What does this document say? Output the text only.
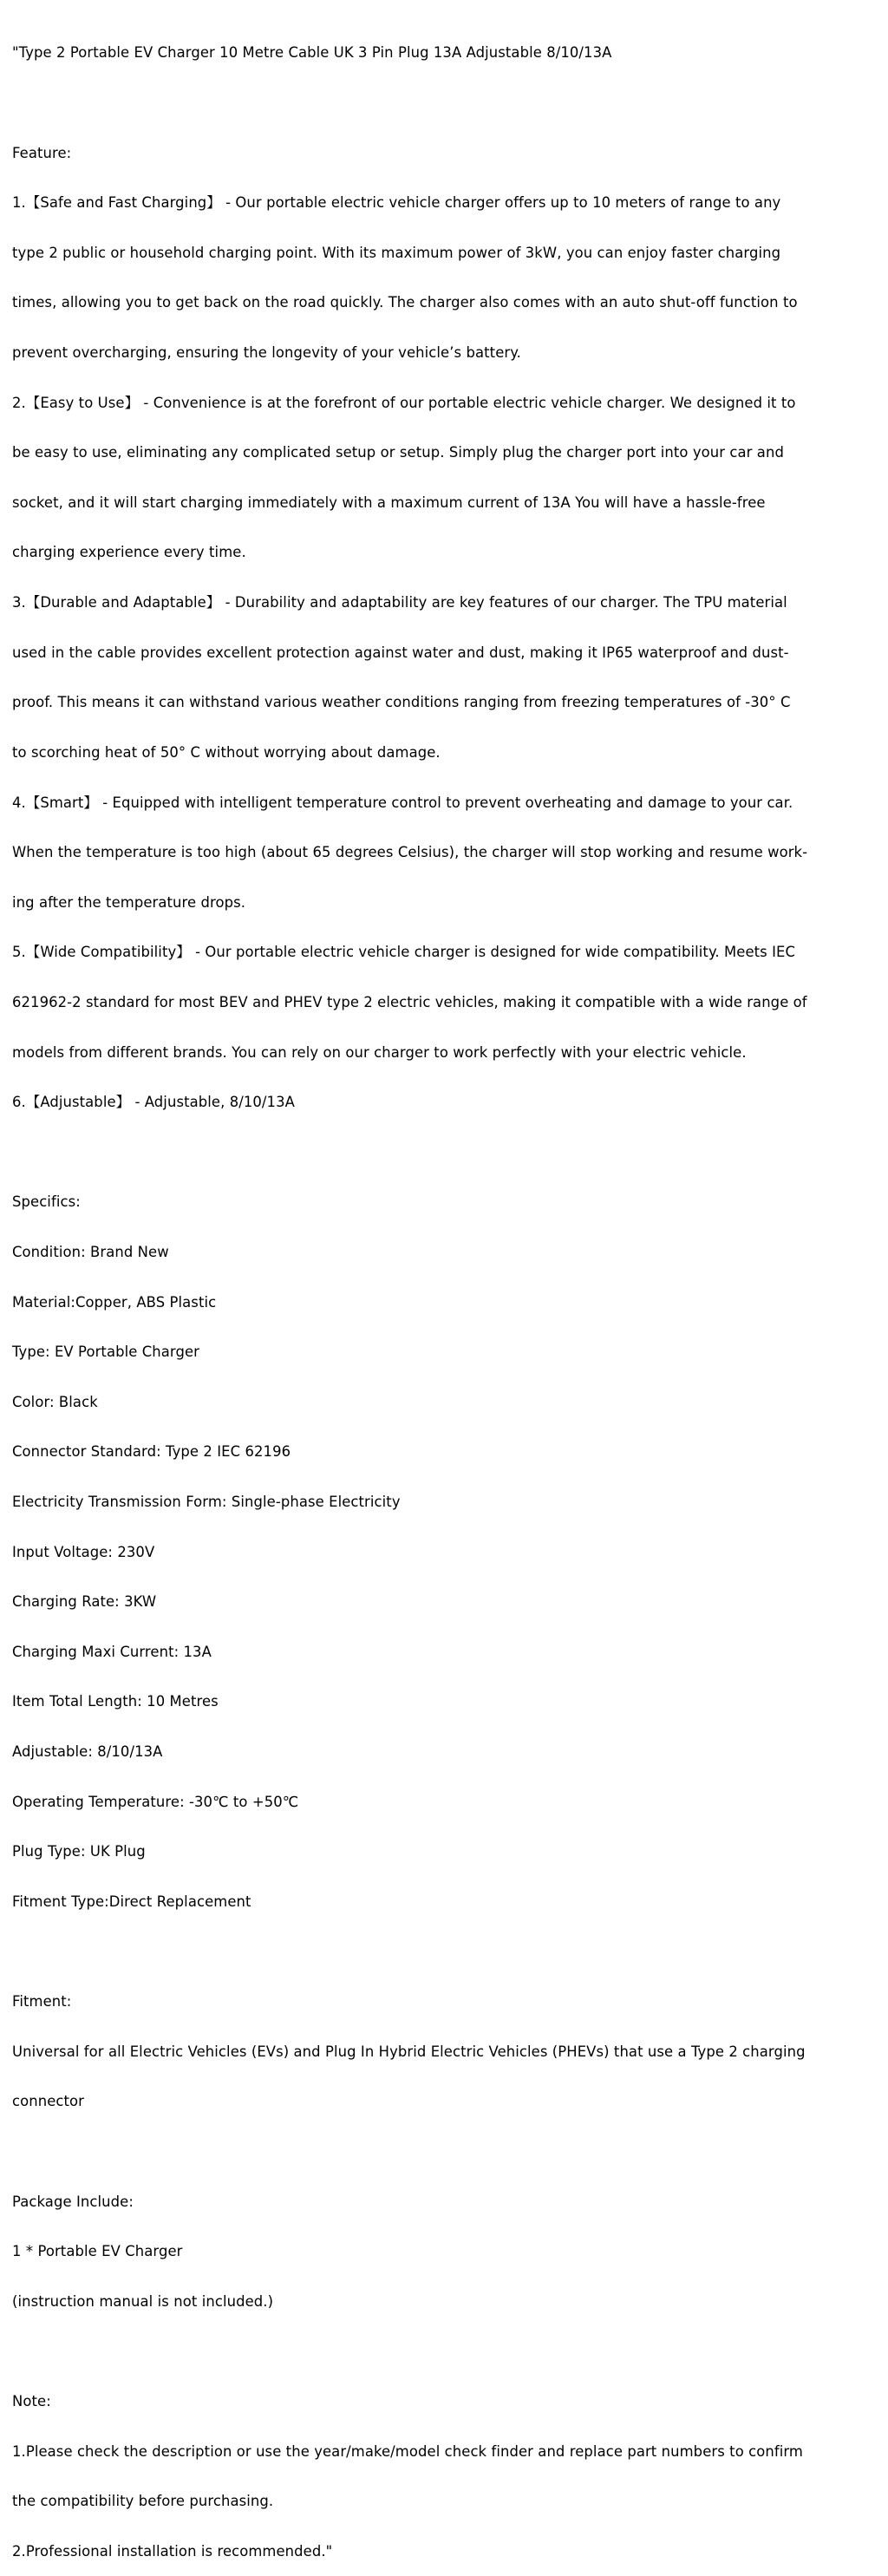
"Type 2 Portable EV Charger 10 Metre Cable UK 3 Pin Plug 13A Adjustable 8/10/13A

Feature:

1.【Safe and Fast Charging】 - Our portable electric vehicle charger offers up to 10 meters of range to any

type 2 public or household charging point. With its maximum power of 3kW, you can enjoy faster charging

times, allowing you to get back on the road quickly. The charger also comes with an auto shut-off function to

prevent overcharging, ensuring the longevity of your vehicle’s battery.

2.【Easy to Use】 - Convenience is at the forefront of our portable electric vehicle charger. We designed it to

be easy to use, eliminating any complicated setup or setup. Simply plug the charger port into your car and

socket, and it will start charging immediately with a maximum current of 13A You will have a hassle-free

charging experience every time.

3.【Durable and Adaptable】 - Durability and adaptability are key features of our charger. The TPU material

used in the cable provides excellent protection against water and dust, making it IP65 waterproof and dust-

proof. This means it can withstand various weather conditions ranging from freezing temperatures of -30° C

to scorching heat of 50° C without worrying about damage.

4.【Smart】 - Equipped with intelligent temperature control to prevent overheating and damage to your car.

When the temperature is too high (about 65 degrees Celsius), the charger will stop working and resume work-

ing after the temperature drops.

5.【Wide Compatibility】 - Our portable electric vehicle charger is designed for wide compatibility. Meets IEC

621962-2 standard for most BEV and PHEV type 2 electric vehicles, making it compatible with a wide range of

models from different brands. You can rely on our charger to work perfectly with your electric vehicle.

6.【Adjustable】 - Adjustable, 8/10/13A

Specifics:

Condition: Brand New

Material:Copper, ABS Plastic

Type: EV Portable Charger

Color: Black

Connector Standard: Type 2 IEC 62196

Electricity Transmission Form: Single-phase Electricity

Input Voltage: 230V

Charging Rate: 3KW

Charging Maxi Current: 13A

Item Total Length: 10 Metres

Adjustable: 8/10/13A

Operating Temperature: -30℃ to +50℃

Plug Type: UK Plug

Fitment Type:Direct Replacement

Fitment:

Universal for all Electric Vehicles (EVs) and Plug In Hybrid Electric Vehicles (PHEVs) that use a Type 2 charging

connector

Package Include:

1 * Portable EV Charger

(instruction manual is not included.)

Note:

1.Please check the description or use the year/make/model check finder and replace part numbers to confirm

the compatibility before purchasing.

2.Professional installation is recommended."
